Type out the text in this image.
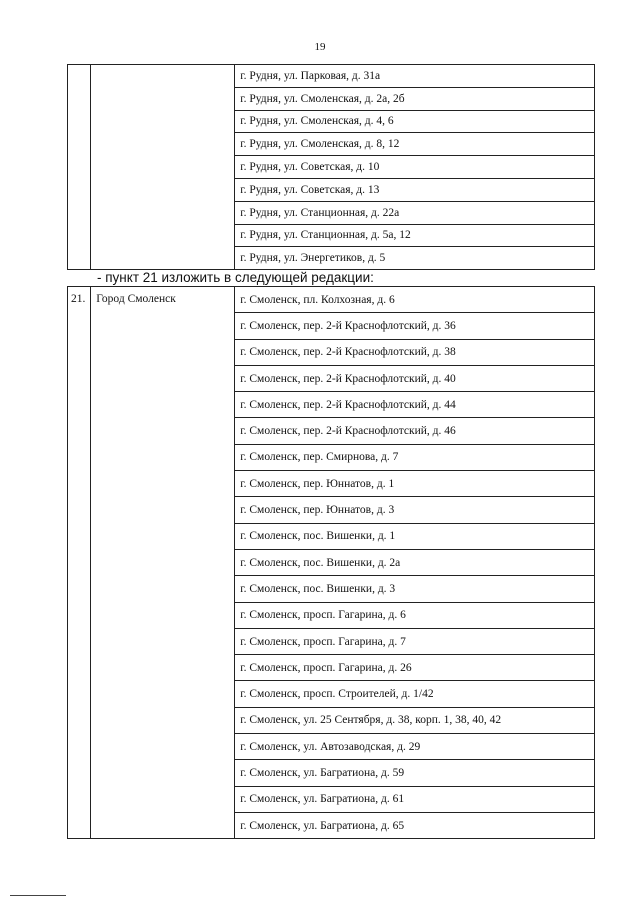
19
		г. Рудня, ул. Парковая, д. 31а
г. Рудня, ул. Смоленская, д. 2а, 2б
г. Рудня, ул. Смоленская, д. 4, 6
г. Рудня, ул. Смоленская, д. 8, 12
г. Рудня, ул. Советская, д. 10
г. Рудня, ул. Советская, д. 13
г. Рудня, ул. Станционная, д. 22а
г. Рудня, ул. Станционная, д. 5а, 12
г. Рудня, ул. Энергетиков, д. 5
- пункт 21 изложить в следующей редакции:
21.	Город Смоленск	г. Смоленск, пл. Колхозная, д. 6
г. Смоленск, пер. 2-й Краснофлотский, д. 36
г. Смоленск, пер. 2-й Краснофлотский, д. 38
г. Смоленск, пер. 2-й Краснофлотский, д. 40
г. Смоленск, пер. 2-й Краснофлотский, д. 44
г. Смоленск, пер. 2-й Краснофлотский, д. 46
г. Смоленск, пер. Смирнова, д. 7
г. Смоленск, пер. Юннатов, д. 1
г. Смоленск, пер. Юннатов, д. 3
г. Смоленск, пос. Вишенки, д. 1
г. Смоленск, пос. Вишенки, д. 2а
г. Смоленск, пос. Вишенки, д. 3
г. Смоленск, просп. Гагарина, д. 6
г. Смоленск, просп. Гагарина, д. 7
г. Смоленск, просп. Гагарина, д. 26
г. Смоленск, просп. Строителей, д. 1/42
г. Смоленск, ул. 25 Сентября, д. 38, корп. 1, 38, 40, 42
г. Смоленск, ул. Автозаводская, д. 29
г. Смоленск, ул. Багратиона, д. 59
г. Смоленск, ул. Багратиона, д. 61
г. Смоленск, ул. Багратиона, д. 65
